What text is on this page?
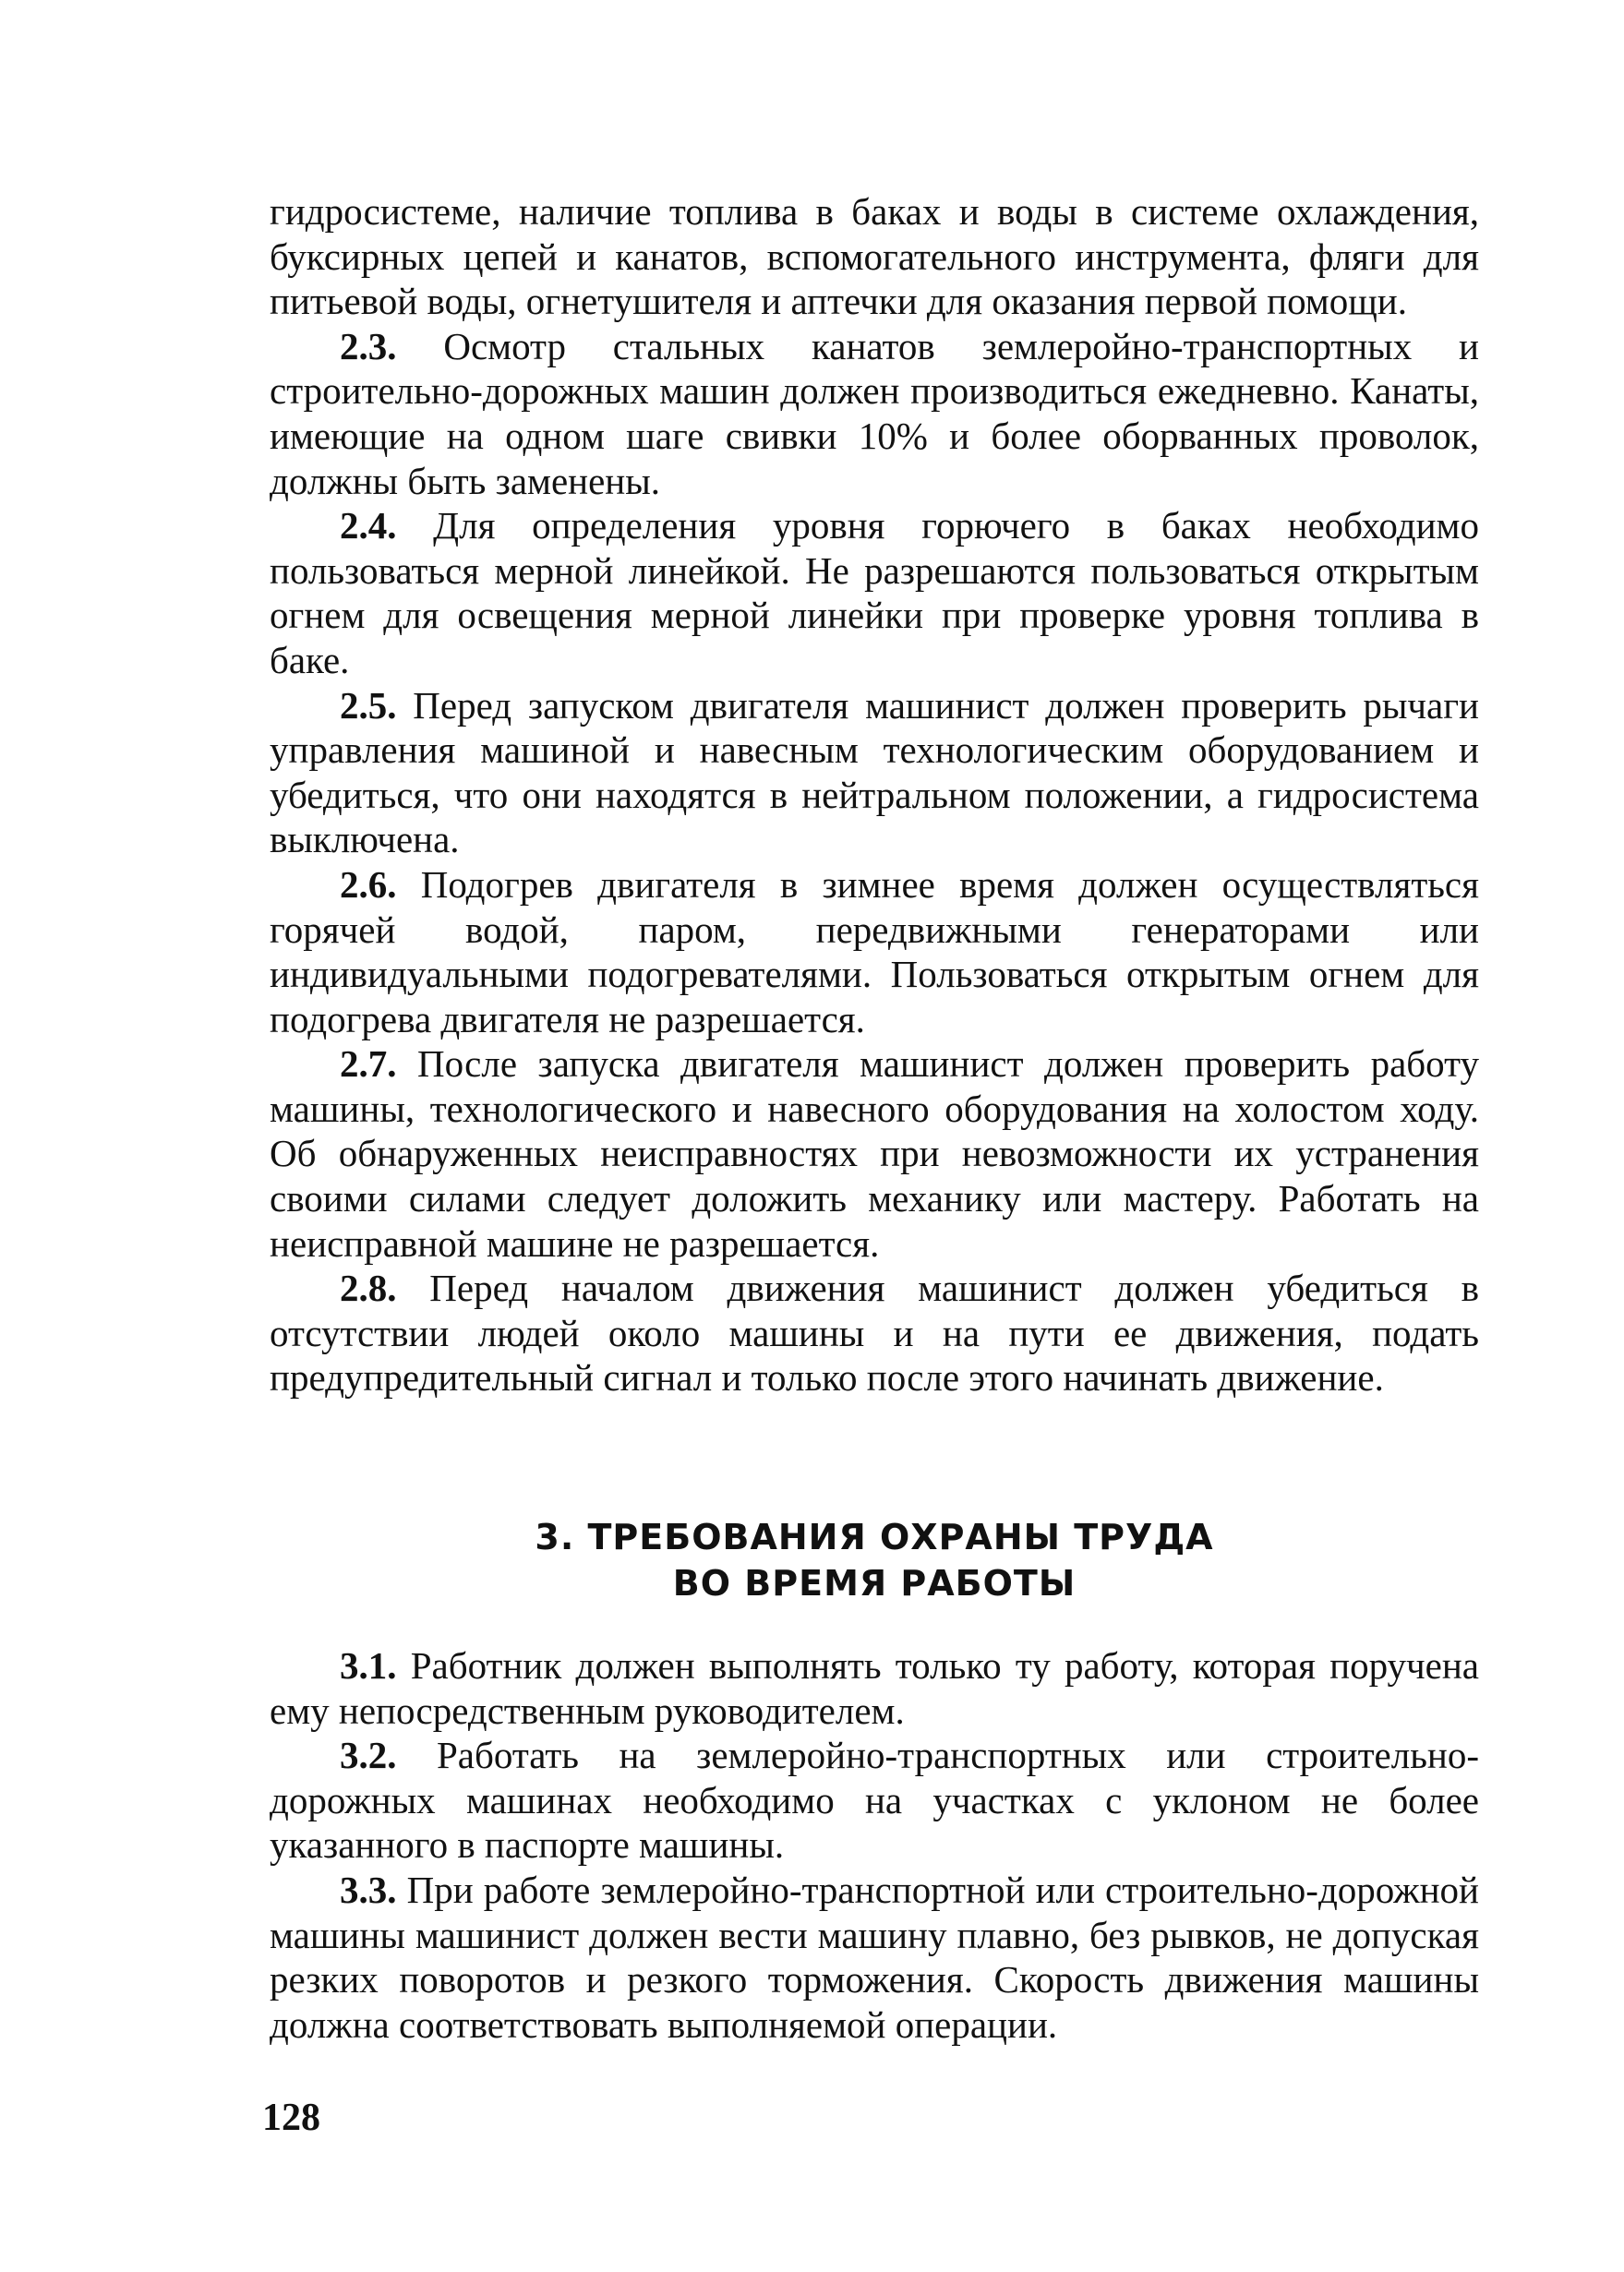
гидросистеме, наличие топлива в баках и воды в системе охлаждения, буксирных цепей и канатов, вспомогательного инструмента, фляги для питьевой воды, огнетушителя и аптечки для оказания первой помощи.

2.3. Осмотр стальных канатов землеройно-транспортных и строительно-дорожных машин должен производиться ежедневно. Канаты, имеющие на одном шаге свивки 10% и более оборванных проволок, должны быть заменены.

2.4. Для определения уровня горючего в баках необходимо пользоваться мерной линейкой. Не разрешаются пользоваться открытым огнем для освещения мерной линейки при проверке уровня топлива в баке.

2.5. Перед запуском двигателя машинист должен проверить рычаги управления машиной и навесным технологическим оборудованием и убедиться, что они находятся в нейтральном положении, а гидросистема выключена.

2.6. Подогрев двигателя в зимнее время должен осуществляться горячей водой, паром, передвижными генераторами или индивидуальными подогревателями. Пользоваться открытым огнем для подогрева двигателя не разрешается.

2.7. После запуска двигателя машинист должен проверить работу машины, технологического и навесного оборудования на холостом ходу. Об обнаруженных неисправностях при невозможности их устранения своими силами следует доложить механику или мастеру. Работать на неисправной машине не разрешается.

2.8. Перед началом движения машинист должен убедиться в отсутствии людей около машины и на пути ее движения, подать предупредительный сигнал и только после этого начинать движение.

3. ТРЕБОВАНИЯ ОХРАНЫ ТРУДА
ВО ВРЕМЯ РАБОТЫ

3.1. Работник должен выполнять только ту работу, которая поручена ему непосредственным руководителем.

3.2. Работать на землеройно-транспортных или строительно-дорожных машинах необходимо на участках с уклоном не более указанного в паспорте машины.

3.3. При работе землеройно-транспортной или строительно-дорожной машины машинист должен вести машину плавно, без рывков, не допуская резких поворотов и резкого торможения. Скорость движения машины должна соответствовать выполняемой операции.

128
